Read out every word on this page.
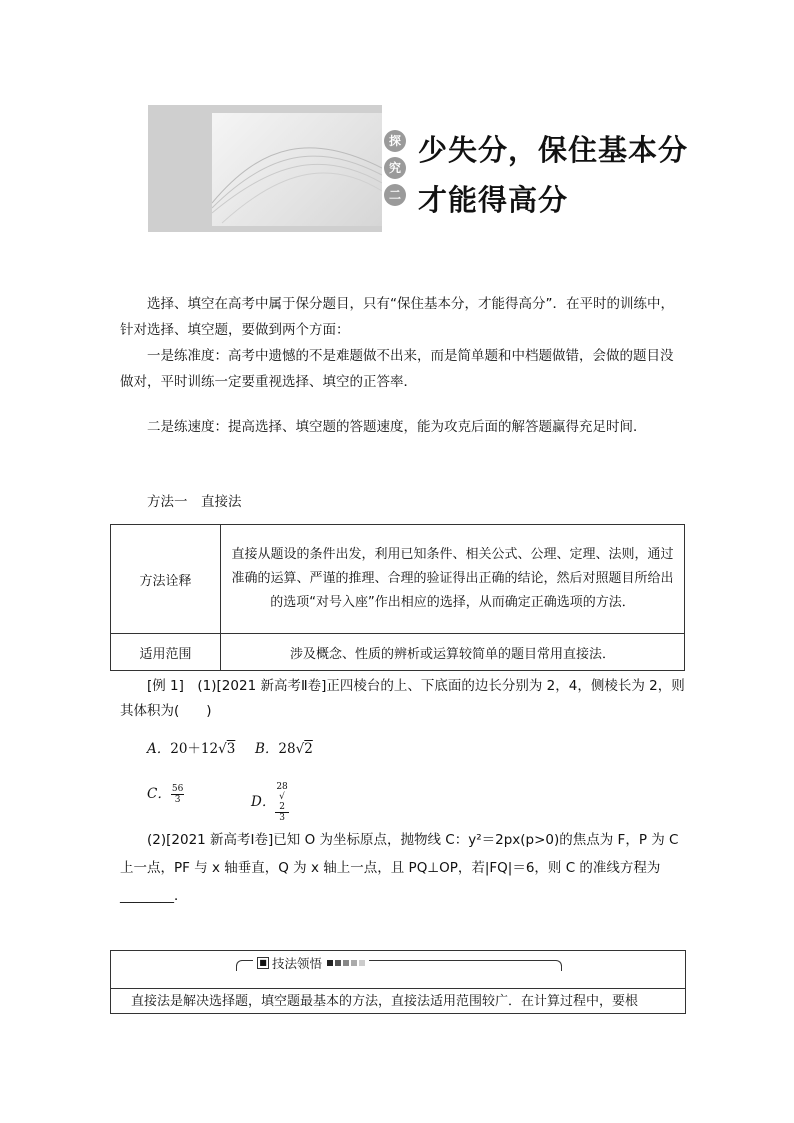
探
究
二
少失分，保住基本分
才能得高分
选择、填空在高考中属于保分题目，只有“保住基本分，才能得高分”．在平时的训练中，针对选择、填空题，要做到两个方面：
一是练准度：高考中遗憾的不是难题做不出来，而是简单题和中档题做错，会做的题目没做对，平时训练一定要重视选择、填空的正答率．
二是练速度：提高选择、填空题的答题速度，能为攻克后面的解答题赢得充足时间．
方法一　直接法
方法诠释	直接从题设的条件出发，利用已知条件、相关公式、公理、定理、法则，通过准确的运算、严谨的推理、合理的验证得出正确的结论，然后对照题目所给出的选项“对号入座”作出相应的选择，从而确定正确选项的方法．
适用范围	涉及概念、性质的辨析或运算较简单的题目常用直接法．
[例 1]　(1)[2021 新高考Ⅱ卷]正四棱台的上、下底面的边长分别为 2，4，侧棱长为 2，则其体积为(　　)
A．20＋12√3 B．28√2
C． $\frac{56}{3}$	D． 28
√
2
3
(2)[2021 新高考Ⅰ卷]已知 O 为坐标原点，抛物线 C：y²＝2px(p>0)的焦点为 F，P 为 C 上一点，PF 与 x 轴垂直，Q 为 x 轴上一点，且 PQ⊥OP，若|FQ|＝6，则 C 的准线方程为________．
■ 技法领悟
直接法是解决选择题，填空题最基本的方法，直接法适用范围较广．在计算过程中，要根
